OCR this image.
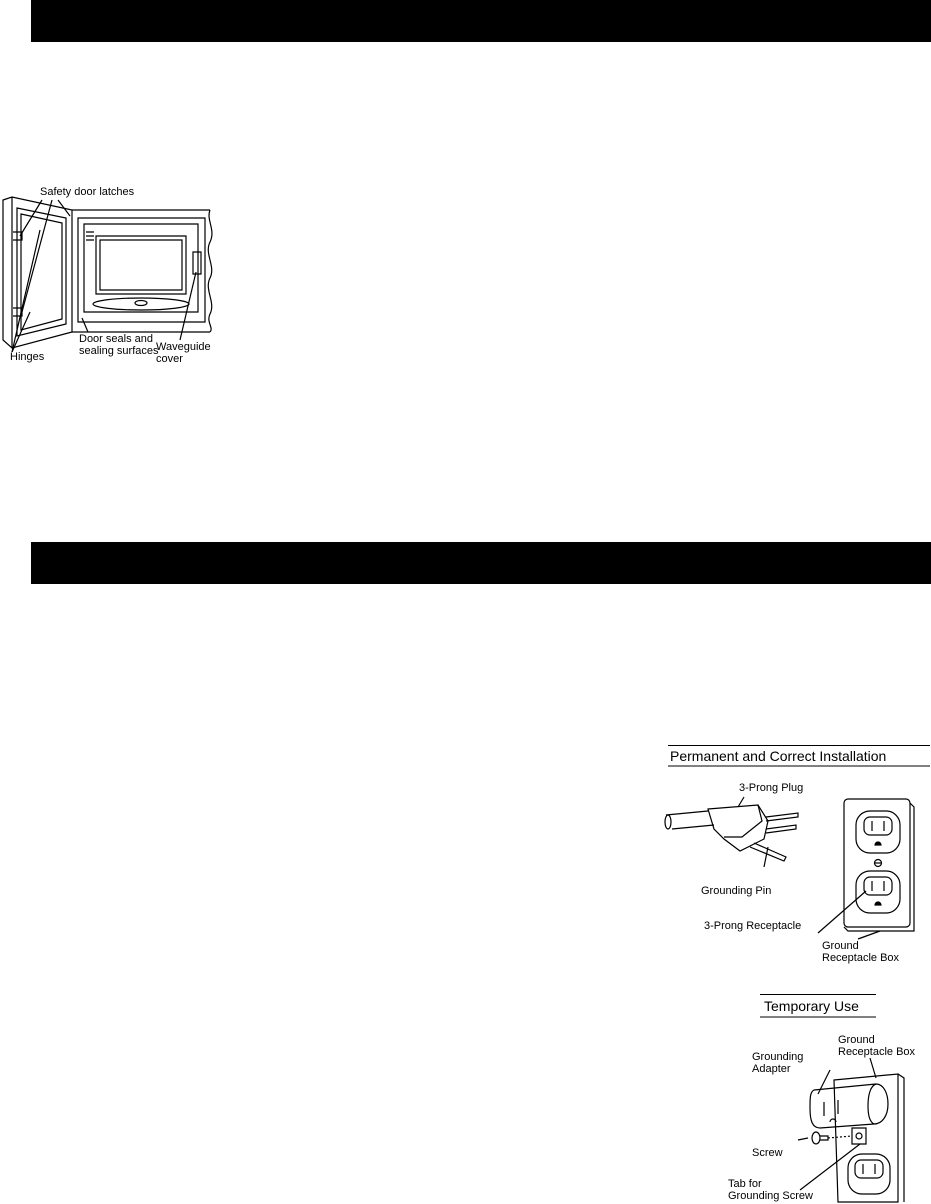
Safety door latches
Hinges
Door seals and
sealing surfaces
Waveguide
cover
Permanent and Correct Installation
3-Prong Plug
Grounding Pin
3-Prong Receptacle
Ground
Receptacle Box
Temporary Use
Ground
Receptacle Box
Grounding
Adapter
Screw
Tab for
Grounding Screw
